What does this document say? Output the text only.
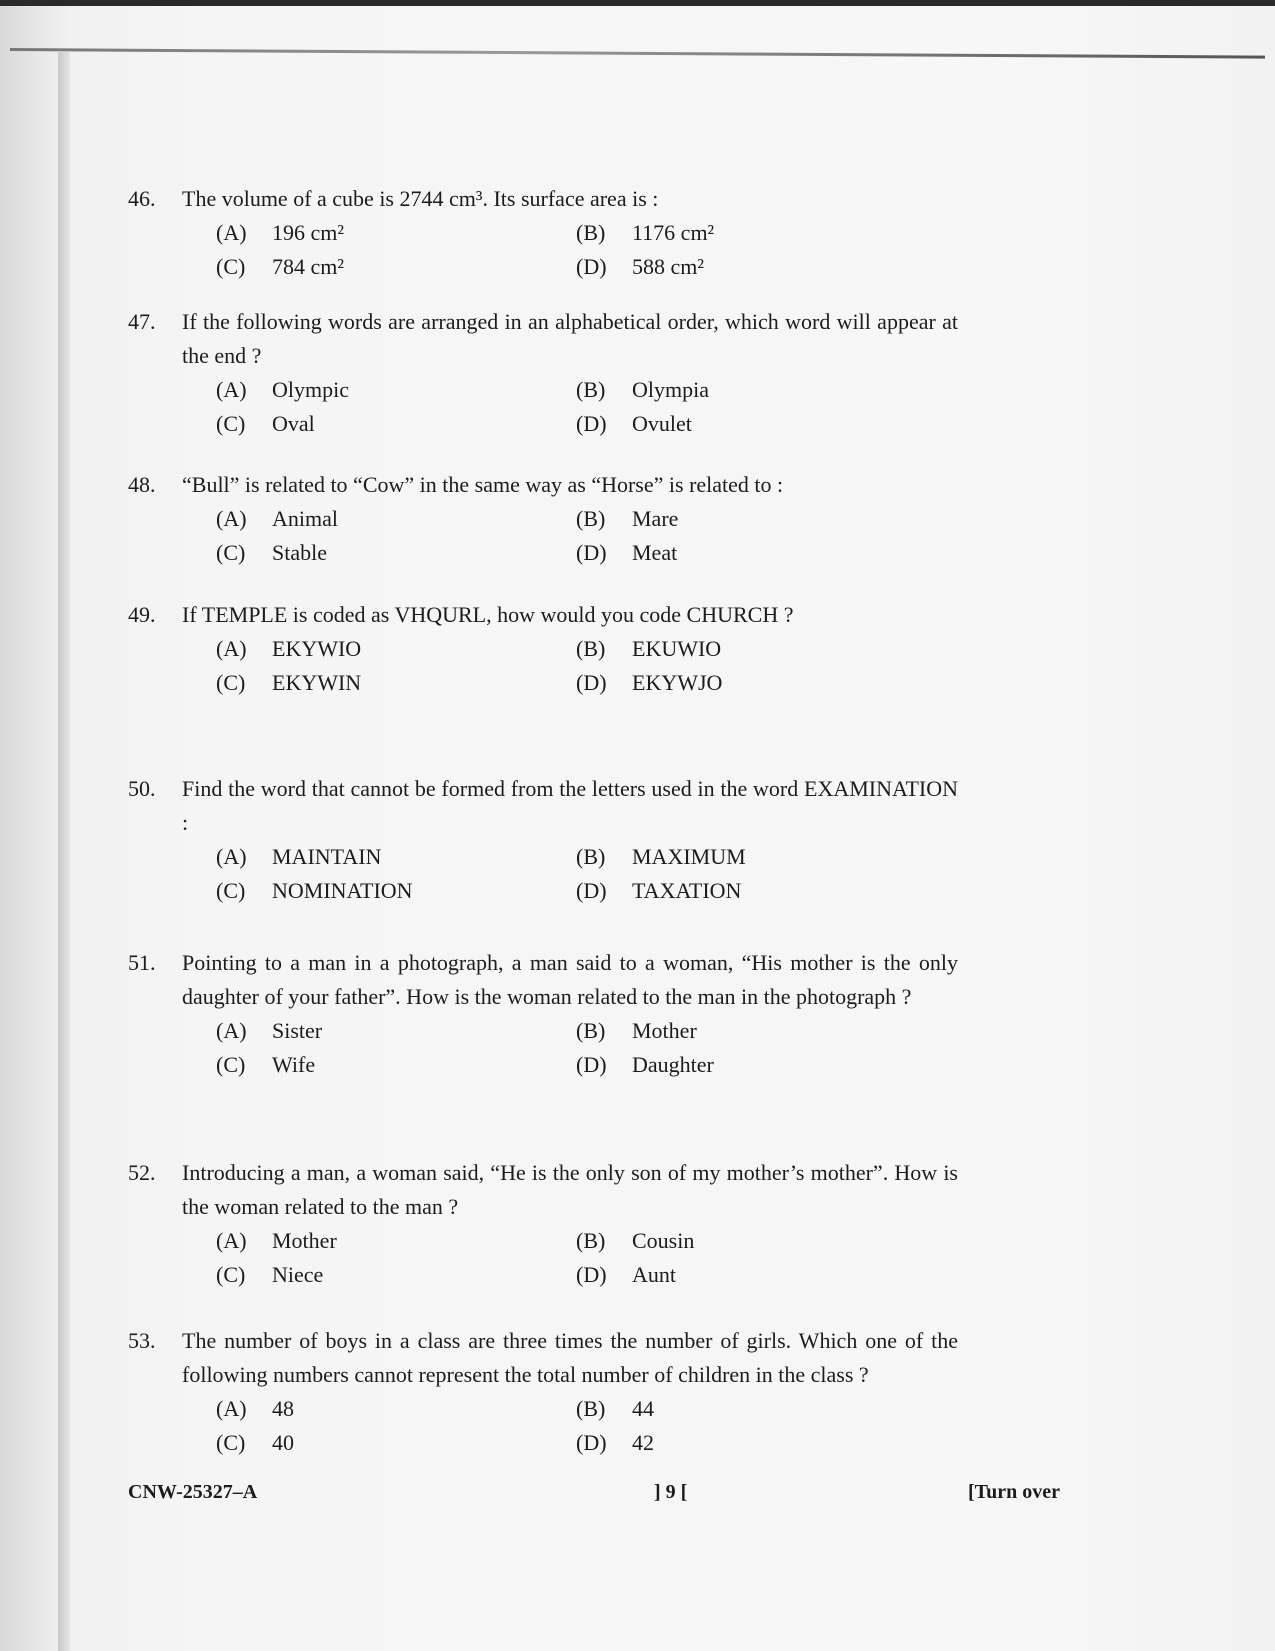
46.	The volume of a cube is 2744 cm³. Its surface area is :
(A)	196 cm²	(B)	1176 cm²
(C)	784 cm²	(D)	588 cm²
47.	If the following words are arranged in an alphabetical order, which word will appear at the end ?
(A)	Olympic	(B)	Olympia
(C)	Oval	(D)	Ovulet
48.	“Bull” is related to “Cow” in the same way as “Horse” is related to :
(A)	Animal	(B)	Mare
(C)	Stable	(D)	Meat
49.	If TEMPLE is coded as VHQURL, how would you code CHURCH ?
(A)	EKYWIO	(B)	EKUWIO
(C)	EKYWIN	(D)	EKYWJO
50.	Find the word that cannot be formed from the letters used in the word EXAMINATION :
(A)	MAINTAIN	(B)	MAXIMUM
(C)	NOMINATION	(D)	TAXATION
51.	Pointing to a man in a photograph, a man said to a woman, “His mother is the only daughter of your father”. How is the woman related to the man in the photograph ?
(A)	Sister	(B)	Mother
(C)	Wife	(D)	Daughter
52.	Introducing a man, a woman said, “He is the only son of my mother’s mother”. How is the woman related to the man ?
(A)	Mother	(B)	Cousin
(C)	Niece	(D)	Aunt
53.	The number of boys in a class are three times the number of girls. Which one of the following numbers cannot represent the total number of children in the class ?
(A)	48	(B)	44
(C)	40	(D)	42
CNW-25327–A	] 9 [	[Turn over
